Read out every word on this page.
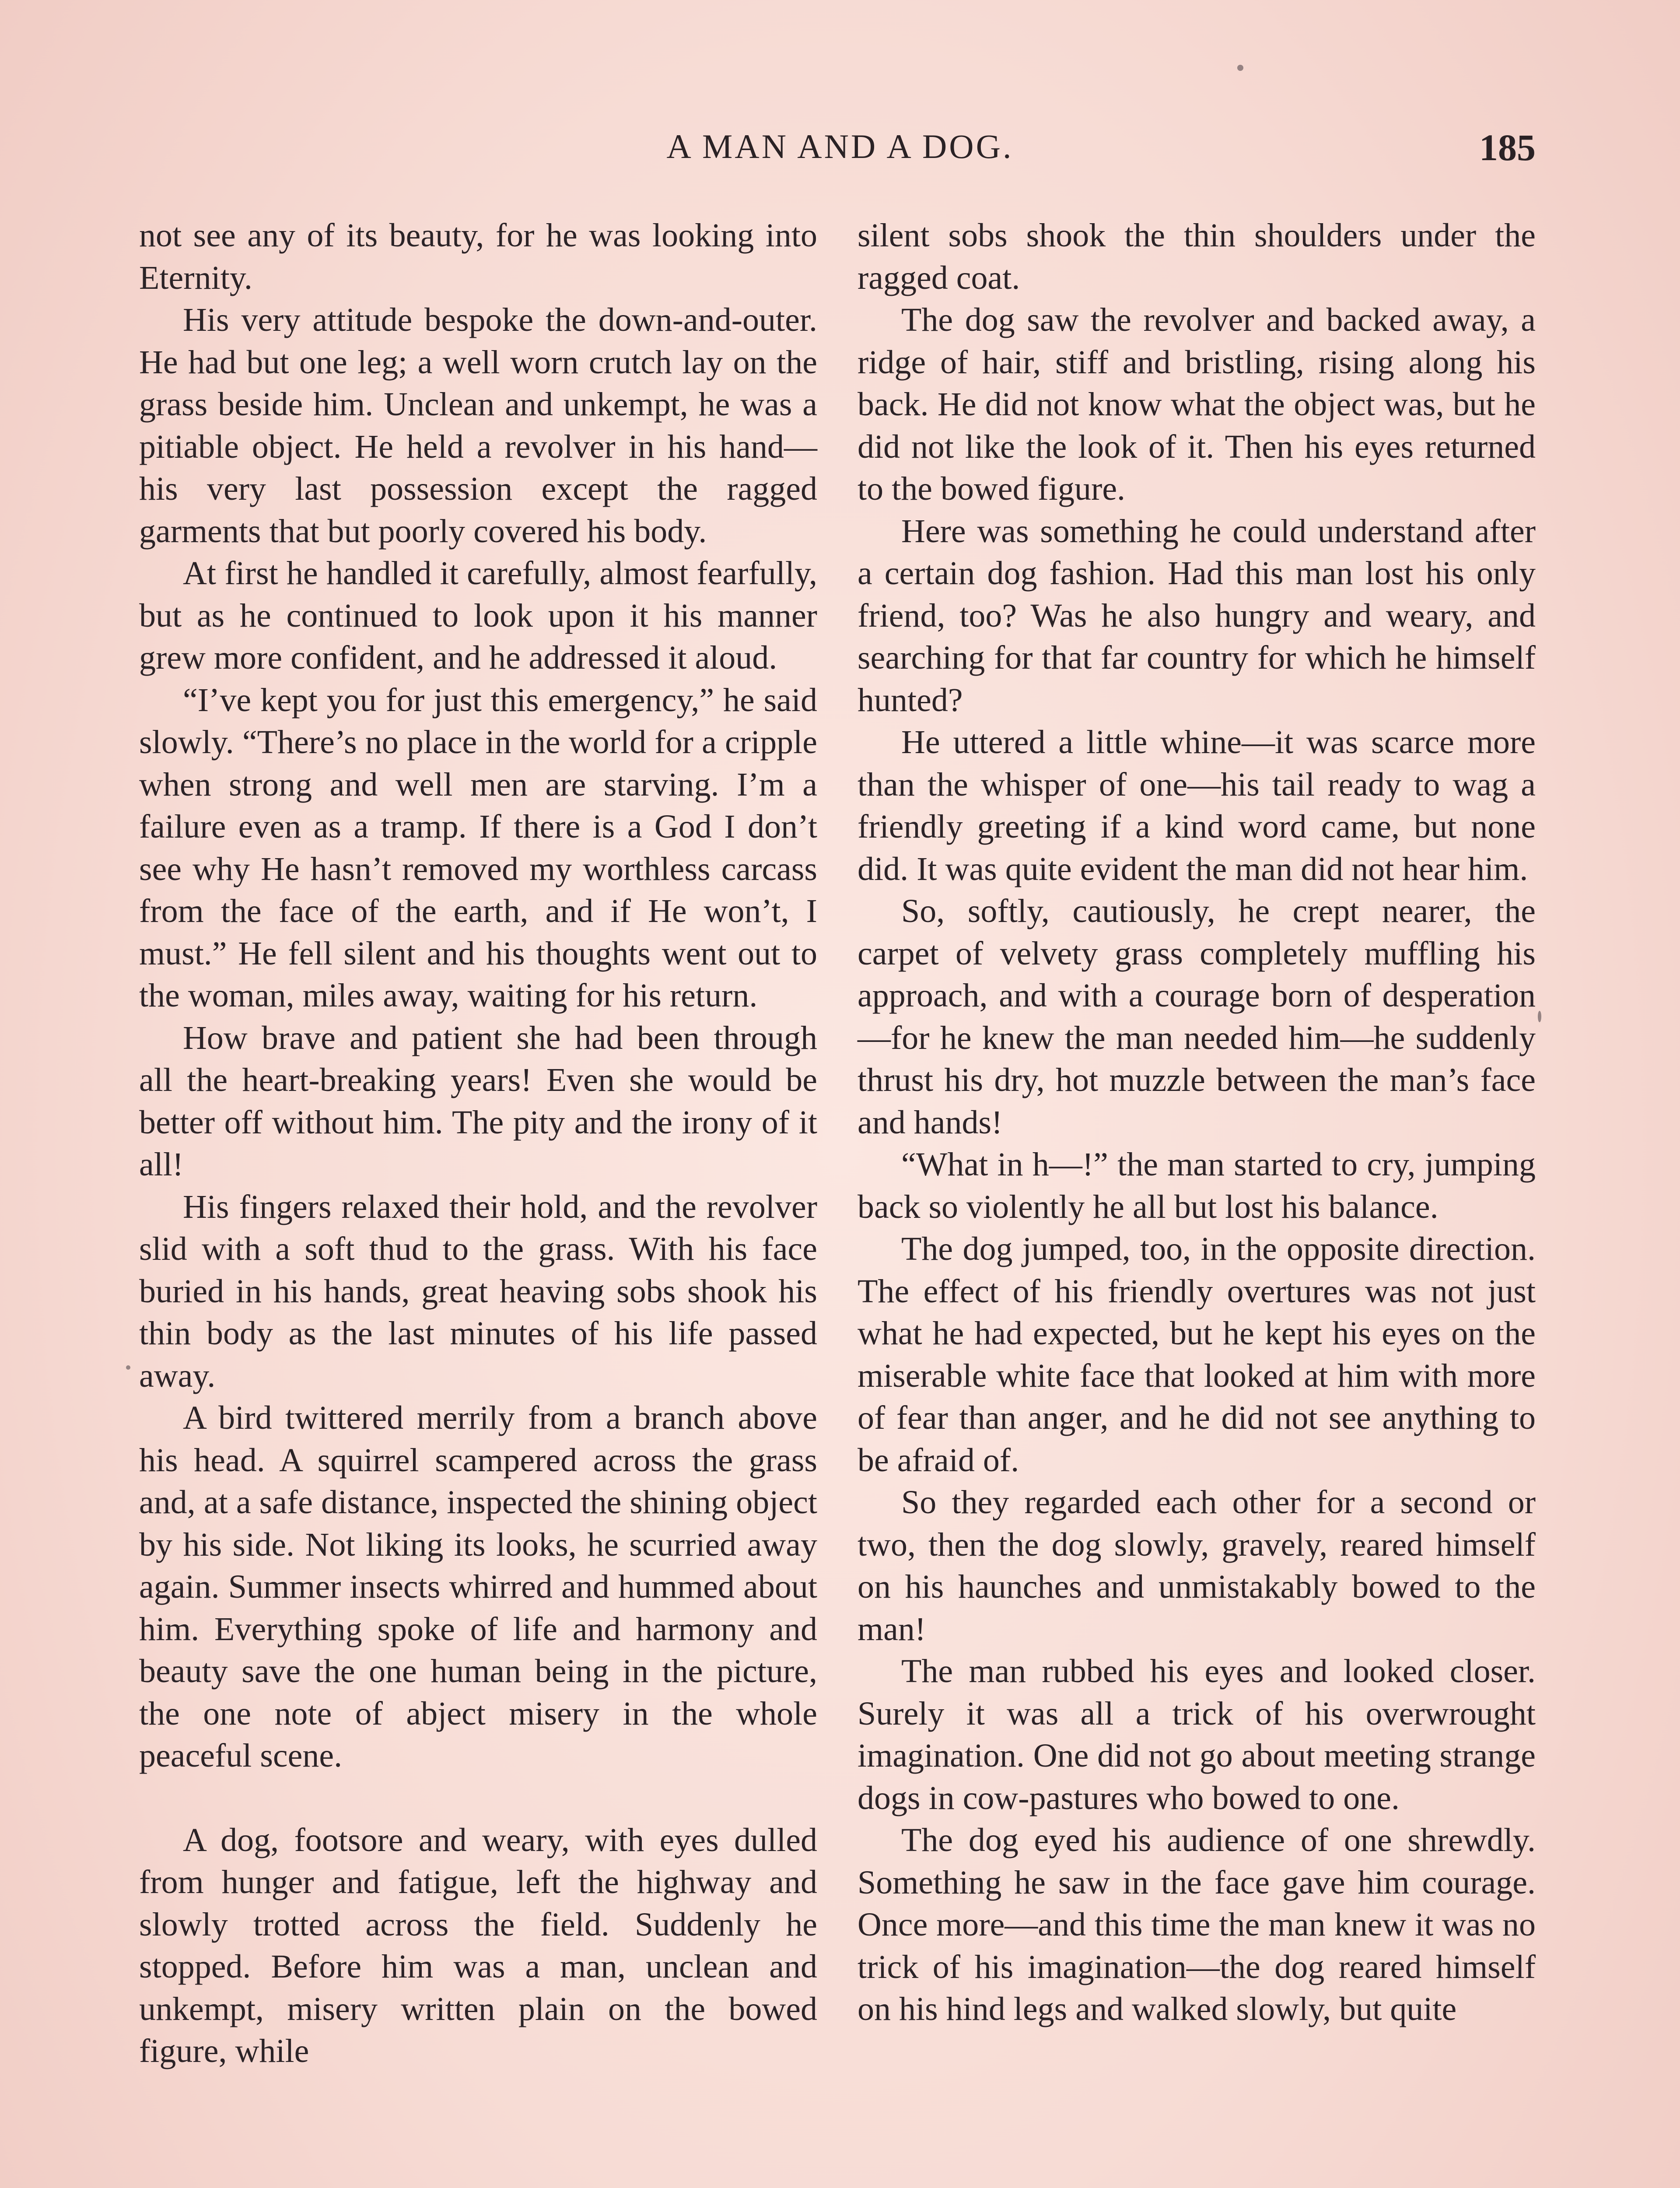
A MAN AND A DOG.	185

not see any of its beauty, for he was looking into Eternity.

His very attitude bespoke the down-and-outer. He had but one leg; a well worn crutch lay on the grass beside him. Unclean and unkempt, he was a pitiable object. He held a revolver in his hand—his very last possession except the ragged garments that but poorly covered his body.

At first he handled it carefully, almost fearfully, but as he continued to look upon it his manner grew more confident, and he addressed it aloud.

“I’ve kept you for just this emergency,” he said slowly. “There’s no place in the world for a cripple when strong and well men are starving. I’m a failure even as a tramp. If there is a God I don’t see why He hasn’t removed my worthless carcass from the face of the earth, and if He won’t, I must.” He fell silent and his thoughts went out to the woman, miles away, waiting for his return.

How brave and patient she had been through all the heart-breaking years! Even she would be better off without him. The pity and the irony of it all!

His fingers relaxed their hold, and the revolver slid with a soft thud to the grass. With his face buried in his hands, great heaving sobs shook his thin body as the last minutes of his life passed away.

A bird twittered merrily from a branch above his head. A squirrel scampered across the grass and, at a safe distance, inspected the shining object by his side. Not liking its looks, he scurried away again. Summer insects whirred and hummed about him. Everything spoke of life and harmony and beauty save the one human being in the picture, the one note of abject misery in the whole peaceful scene.

A dog, footsore and weary, with eyes dulled from hunger and fatigue, left the highway and slowly trotted across the field. Suddenly he stopped. Before him was a man, unclean and unkempt, misery written plain on the bowed figure, while

silent sobs shook the thin shoulders under the ragged coat.

The dog saw the revolver and backed away, a ridge of hair, stiff and bristling, rising along his back. He did not know what the object was, but he did not like the look of it. Then his eyes returned to the bowed figure.

Here was something he could understand after a certain dog fashion. Had this man lost his only friend, too? Was he also hungry and weary, and searching for that far country for which he himself hunted?

He uttered a little whine—it was scarce more than the whisper of one—his tail ready to wag a friendly greeting if a kind word came, but none did. It was quite evident the man did not hear him.

So, softly, cautiously, he crept nearer, the carpet of velvety grass completely muffling his approach, and with a courage born of desperation—for he knew the man needed him—he suddenly thrust his dry, hot muzzle between the man’s face and hands!

“What in h—!” the man started to cry, jumping back so violently he all but lost his balance.

The dog jumped, too, in the opposite direction. The effect of his friendly overtures was not just what he had expected, but he kept his eyes on the miserable white face that looked at him with more of fear than anger, and he did not see anything to be afraid of.

So they regarded each other for a second or two, then the dog slowly, gravely, reared himself on his haunches and unmistakably bowed to the man!

The man rubbed his eyes and looked closer. Surely it was all a trick of his overwrought imagination. One did not go about meeting strange dogs in cow-pastures who bowed to one.

The dog eyed his audience of one shrewdly. Something he saw in the face gave him courage. Once more—and this time the man knew it was no trick of his imagination—the dog reared himself on his hind legs and walked slowly, but quite
